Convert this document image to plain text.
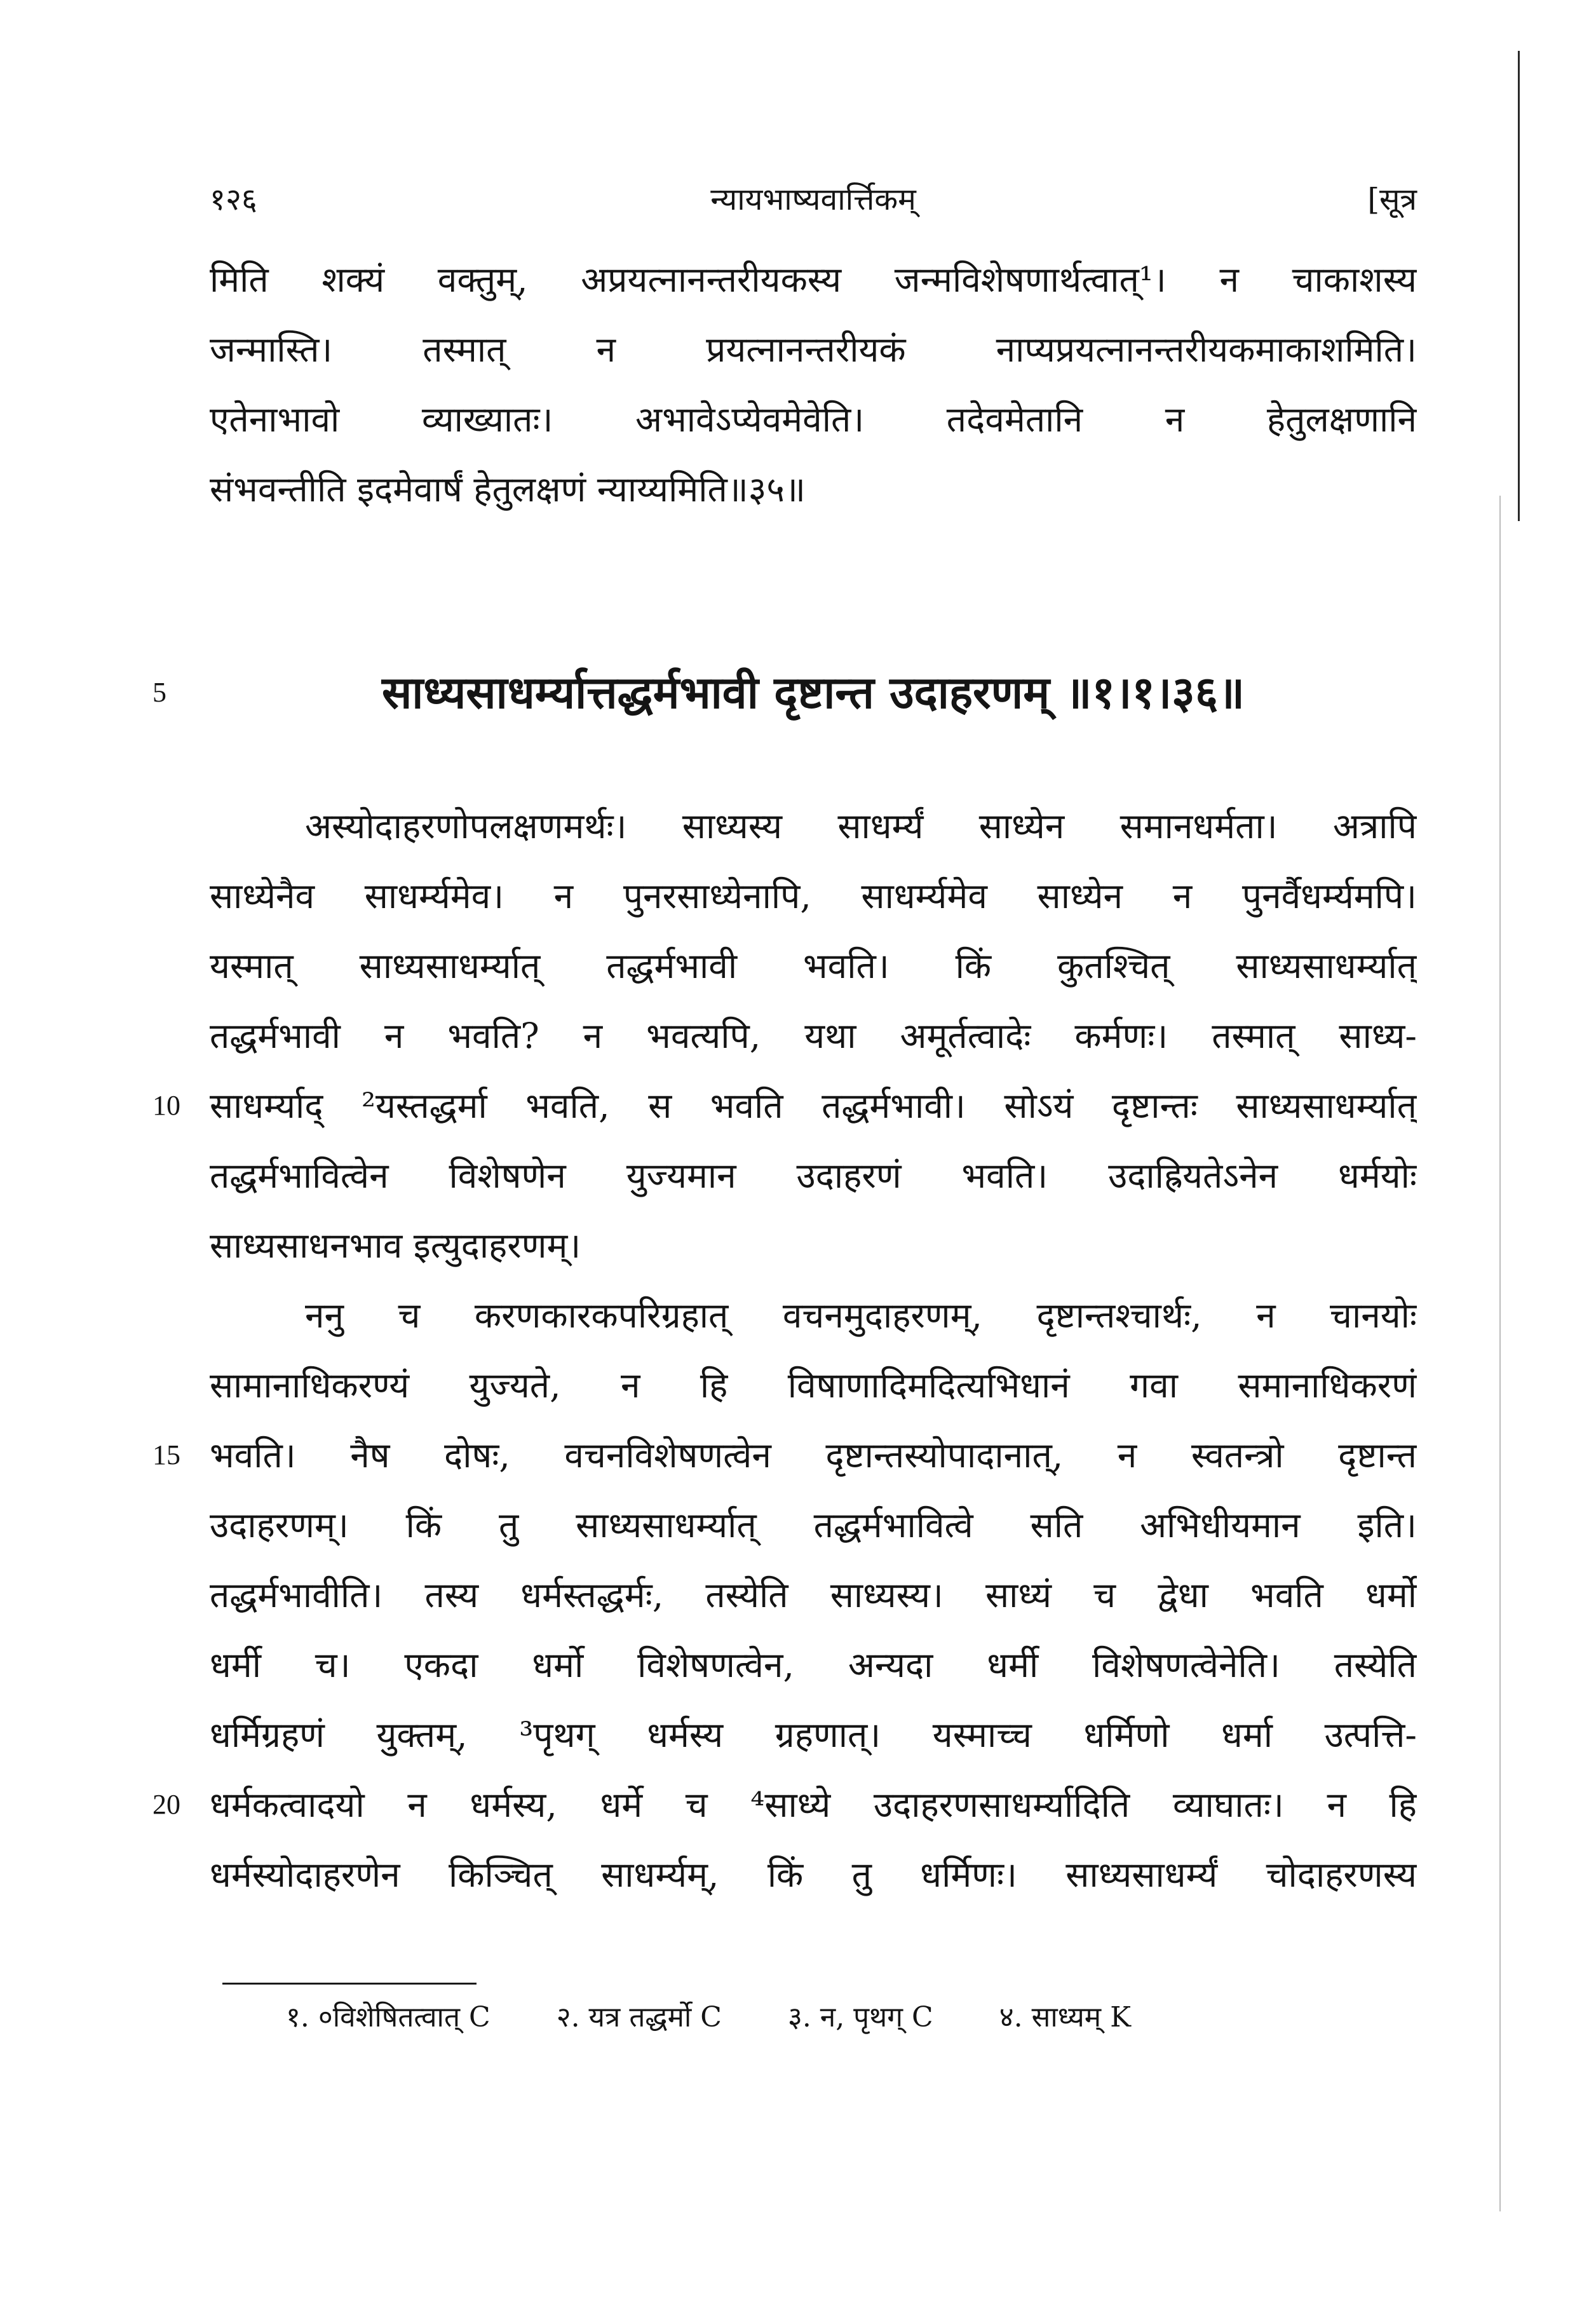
१२६	न्यायभाष्यवार्त्तिकम्	[सूत्र
मिति शक्यं वक्तुम्, अप्रयत्नानन्तरीयकस्य जन्मविशेषणार्थत्वात्¹। न चाकाशस्य
जन्मास्ति। तस्मात् न प्रयत्नानन्तरीयकं नाप्यप्रयत्नानन्तरीयकमाकाशमिति।
एतेनाभावो व्याख्यातः। अभावेऽप्येवमेवेति। तदेवमेतानि न हेतुलक्षणानि
संभवन्तीति इदमेवार्षं हेतुलक्षणं न्याय्यमिति॥३५॥
5	साध्यसाधर्म्यात्तद्धर्मभावी दृष्टान्त उदाहरणम् ॥१।१।३६॥
अस्योदाहरणोपलक्षणमर्थः। साध्यस्य साधर्म्यं साध्येन समानधर्मता। अत्रापि
साध्येनैव साधर्म्यमेव। न पुनरसाध्येनापि, साधर्म्यमेव साध्येन न पुनर्वैधर्म्यमपि।
यस्मात् साध्यसाधर्म्यात् तद्धर्मभावी भवति। किं कुतश्चित् साध्यसाधर्म्यात्
तद्धर्मभावी न भवति? न भवत्यपि, यथा अमूर्तत्वादेः कर्मणः। तस्मात् साध्य-
10 साधर्म्याद् ²यस्तद्धर्मा भवति, स भवति तद्धर्मभावी। सोऽयं दृष्टान्तः साध्यसाधर्म्यात्
तद्धर्मभावित्वेन विशेषणेन युज्यमान उदाहरणं भवति। उदाह्रियतेऽनेन धर्मयोः
साध्यसाधनभाव इत्युदाहरणम्।
ननु च करणकारकपरिग्रहात् वचनमुदाहरणम्, दृष्टान्तश्चार्थः, न चानयोः
सामानाधिकरण्यं युज्यते, न हि विषाणादिमदित्यभिधानं गवा समानाधिकरणं
15 भवति। नैष दोषः, वचनविशेषणत्वेन दृष्टान्तस्योपादानात्, न स्वतन्त्रो दृष्टान्त
उदाहरणम्। किं तु साध्यसाधर्म्यात् तद्धर्मभावित्वे सति अभिधीयमान इति।
तद्धर्मभावीति। तस्य धर्मस्तद्धर्मः, तस्येति साध्यस्य। साध्यं च द्वेधा भवति धर्मो
धर्मी च। एकदा धर्मो विशेषणत्वेन, अन्यदा धर्मी विशेषणत्वेनेति। तस्येति
धर्मिग्रहणं युक्तम्, ³पृथग् धर्मस्य ग्रहणात्। यस्माच्च धर्मिणो धर्मा उत्पत्ति-
20 धर्मकत्वादयो न धर्मस्य, धर्मे च ⁴साध्ये उदाहरणसाधर्म्यादिति व्याघातः। न हि
धर्मस्योदाहरणेन किञ्चित् साधर्म्यम्, किं तु धर्मिणः। साध्यसाधर्म्यं चोदाहरणस्य
१. ०विशेषितत्वात् C २. यत्र तद्धर्मो C ३. न, पृथग् C ४. साध्यम् K
